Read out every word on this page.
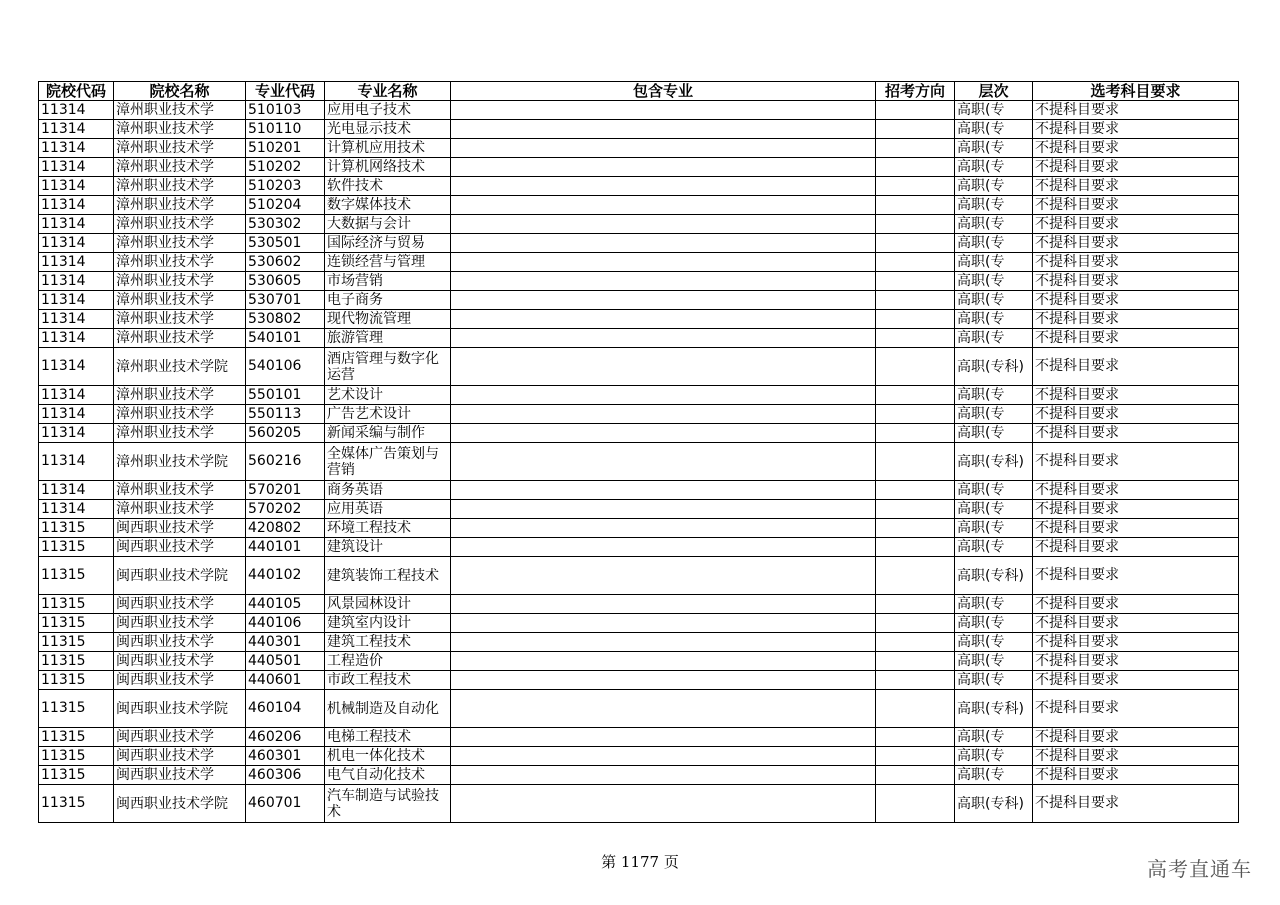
院校代码	院校名称	专业代码	专业名称	包含专业	招考方向	层次	选考科目要求
11314	漳州职业技术学	510103	应用电子技术			高职(专	不提科目要求
11314	漳州职业技术学	510110	光电显示技术			高职(专	不提科目要求
11314	漳州职业技术学	510201	计算机应用技术			高职(专	不提科目要求
11314	漳州职业技术学	510202	计算机网络技术			高职(专	不提科目要求
11314	漳州职业技术学	510203	软件技术			高职(专	不提科目要求
11314	漳州职业技术学	510204	数字媒体技术			高职(专	不提科目要求
11314	漳州职业技术学	530302	大数据与会计			高职(专	不提科目要求
11314	漳州职业技术学	530501	国际经济与贸易			高职(专	不提科目要求
11314	漳州职业技术学	530602	连锁经营与管理			高职(专	不提科目要求
11314	漳州职业技术学	530605	市场营销			高职(专	不提科目要求
11314	漳州职业技术学	530701	电子商务			高职(专	不提科目要求
11314	漳州职业技术学	530802	现代物流管理			高职(专	不提科目要求
11314	漳州职业技术学	540101	旅游管理			高职(专	不提科目要求
11314	漳州职业技术学院	540106	酒店管理与数字化运营			高职(专科)	不提科目要求
11314	漳州职业技术学	550101	艺术设计			高职(专	不提科目要求
11314	漳州职业技术学	550113	广告艺术设计			高职(专	不提科目要求
11314	漳州职业技术学	560205	新闻采编与制作			高职(专	不提科目要求
11314	漳州职业技术学院	560216	全媒体广告策划与营销			高职(专科)	不提科目要求
11314	漳州职业技术学	570201	商务英语			高职(专	不提科目要求
11314	漳州职业技术学	570202	应用英语			高职(专	不提科目要求
11315	闽西职业技术学	420802	环境工程技术			高职(专	不提科目要求
11315	闽西职业技术学	440101	建筑设计			高职(专	不提科目要求
11315	闽西职业技术学院	440102	建筑装饰工程技术			高职(专科)	不提科目要求
11315	闽西职业技术学	440105	风景园林设计			高职(专	不提科目要求
11315	闽西职业技术学	440106	建筑室内设计			高职(专	不提科目要求
11315	闽西职业技术学	440301	建筑工程技术			高职(专	不提科目要求
11315	闽西职业技术学	440501	工程造价			高职(专	不提科目要求
11315	闽西职业技术学	440601	市政工程技术			高职(专	不提科目要求
11315	闽西职业技术学院	460104	机械制造及自动化			高职(专科)	不提科目要求
11315	闽西职业技术学	460206	电梯工程技术			高职(专	不提科目要求
11315	闽西职业技术学	460301	机电一体化技术			高职(专	不提科目要求
11315	闽西职业技术学	460306	电气自动化技术			高职(专	不提科目要求
11315	闽西职业技术学院	460701	汽车制造与试验技术			高职(专科)	不提科目要求
第 1177 页	高考直通车
